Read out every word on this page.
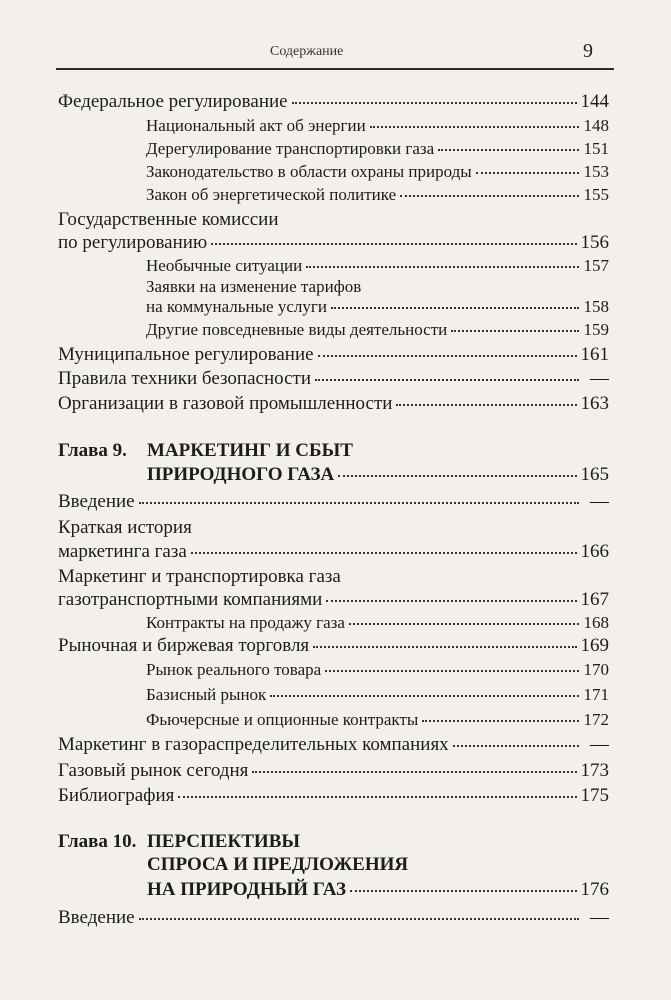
Содержание	9
Федеральное регулирование	144
Национальный акт об энергии	148
Дерегулирование транспортировки газа	151
Законодательство в области охраны природы	153
Закон об энергетической политике	155
Государственные комиссии
по регулированию	156
Необычные ситуации	157
Заявки на изменение тарифов
на коммунальные услуги	158
Другие повседневные виды деятельности	159
Муниципальное регулирование	161
Правила техники безопасности	—
Организации в газовой промышленности	163
Глава 9. МАРКЕТИНГ И СБЫТ
ПРИРОДНОГО ГАЗА	165
Введение	—
Краткая история
маркетинга газа	166
Маркетинг и транспортировка газа
газотранспортными компаниями	167
Контракты на продажу газа	168
Рыночная и биржевая торговля	169
Рынок реального товара	170
Базисный рынок	171
Фьючерсные и опционные контракты	172
Маркетинг в газораспределительных компаниях	—
Газовый рынок сегодня	173
Библиография	175
Глава 10. ПЕРСПЕКТИВЫ
СПРОСА И ПРЕДЛОЖЕНИЯ
НА ПРИРОДНЫЙ ГАЗ	176
Введение	—
